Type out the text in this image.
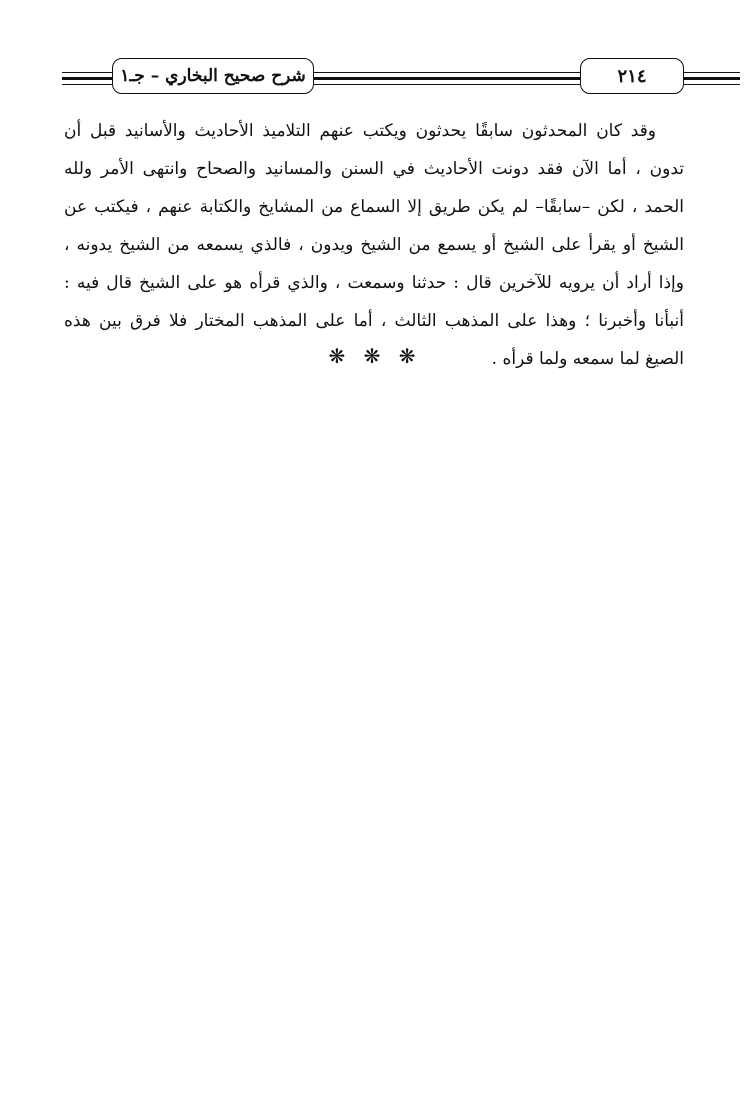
شرح صحيح البخاري – جـ١	٢١٤

وقد كان المحدثون سابقًا يحدثون ويكتب عنهم التلاميذ الأحاديث والأسانيد قبل أن تدون ، أما الآن فقد دونت الأحاديث في السنن والمسانيد والصحاح وانتهى الأمر ولله الحمد ، لكن –سابقًا– لم يكن طريق إلا السماع من المشايخ والكتابة عنهم ، فيكتب عن الشيخ أو يقرأ على الشيخ أو يسمع من الشيخ ويدون ، فالذي يسمعه من الشيخ يدونه ، وإذا أراد أن يرويه للآخرين قال : حدثنا وسمعت ، والذي قرأه هو على الشيخ قال فيه : أنبأنا وأخبرنا ؛ وهذا على المذهب الثالث ، أما على المذهب المختار فلا فرق بين هذه الصيغ لما سمعه ولما قرأه .

❋ ❋ ❋
